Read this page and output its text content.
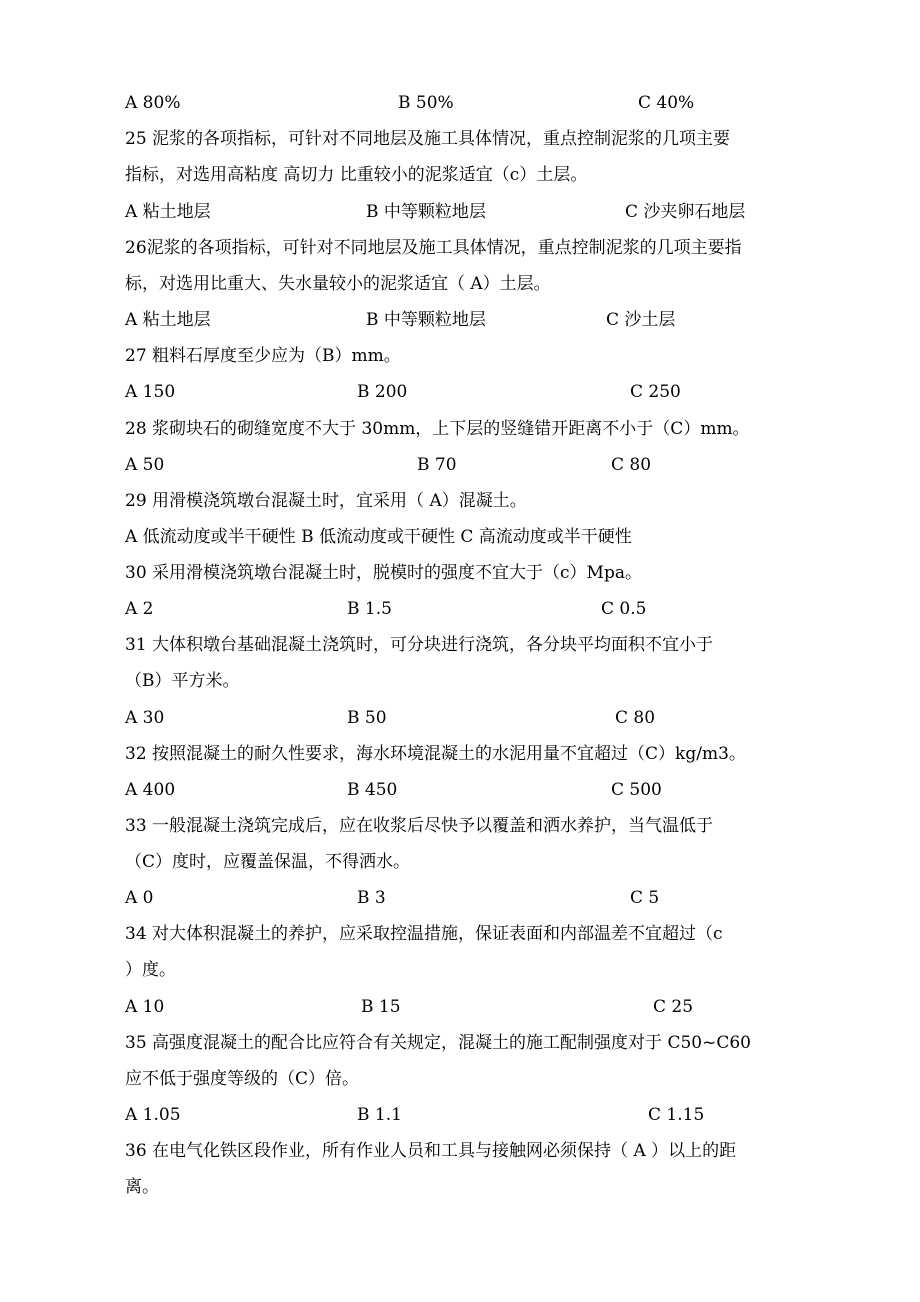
A 80%	B 50%	C 40%
25 泥浆的各项指标，可针对不同地层及施工具体情况，重点控制泥浆的几项主要
指标，对选用高粘度 高切力 比重较小的泥浆适宜（c）土层。
A 粘土地层	B 中等颗粒地层	C 沙夹卵石地层
26泥浆的各项指标，可针对不同地层及施工具体情况，重点控制泥浆的几项主要指
标，对选用比重大、失水量较小的泥浆适宜（ A）土层。
A 粘土地层	B 中等颗粒地层	C 沙土层
27 粗料石厚度至少应为（B）mm。
A 150	B 200	C 250
28 浆砌块石的砌缝宽度不大于 30mm，上下层的竖缝错开距离不小于（C）mm。
A 50	B 70	C 80
29 用滑模浇筑墩台混凝土时，宜采用（ A）混凝土。
A 低流动度或半干硬性 B 低流动度或干硬性 C 高流动度或半干硬性
30 采用滑模浇筑墩台混凝土时，脱模时的强度不宜大于（c）Mpa。
A 2	B 1.5	C 0.5
31 大体积墩台基础混凝土浇筑时，可分块进行浇筑，各分块平均面积不宜小于
（B）平方米。
A 30	B 50	C 80
32 按照混凝土的耐久性要求，海水环境混凝土的水泥用量不宜超过（C）kg/m3。
A 400	B 450	C 500
33 一般混凝土浇筑完成后，应在收浆后尽快予以覆盖和洒水养护，当气温低于
（C）度时，应覆盖保温，不得洒水。
A 0	B 3	C 5
34 对大体积混凝土的养护，应采取控温措施，保证表面和内部温差不宜超过（c
）度。
A 10	B 15	C 25
35 高强度混凝土的配合比应符合有关规定，混凝土的施工配制强度对于 C50~C60
应不低于强度等级的（C）倍。
A 1.05	B 1.1	C 1.15
36 在电气化铁区段作业，所有作业人员和工具与接触网必须保持（ A ）以上的距
离。
